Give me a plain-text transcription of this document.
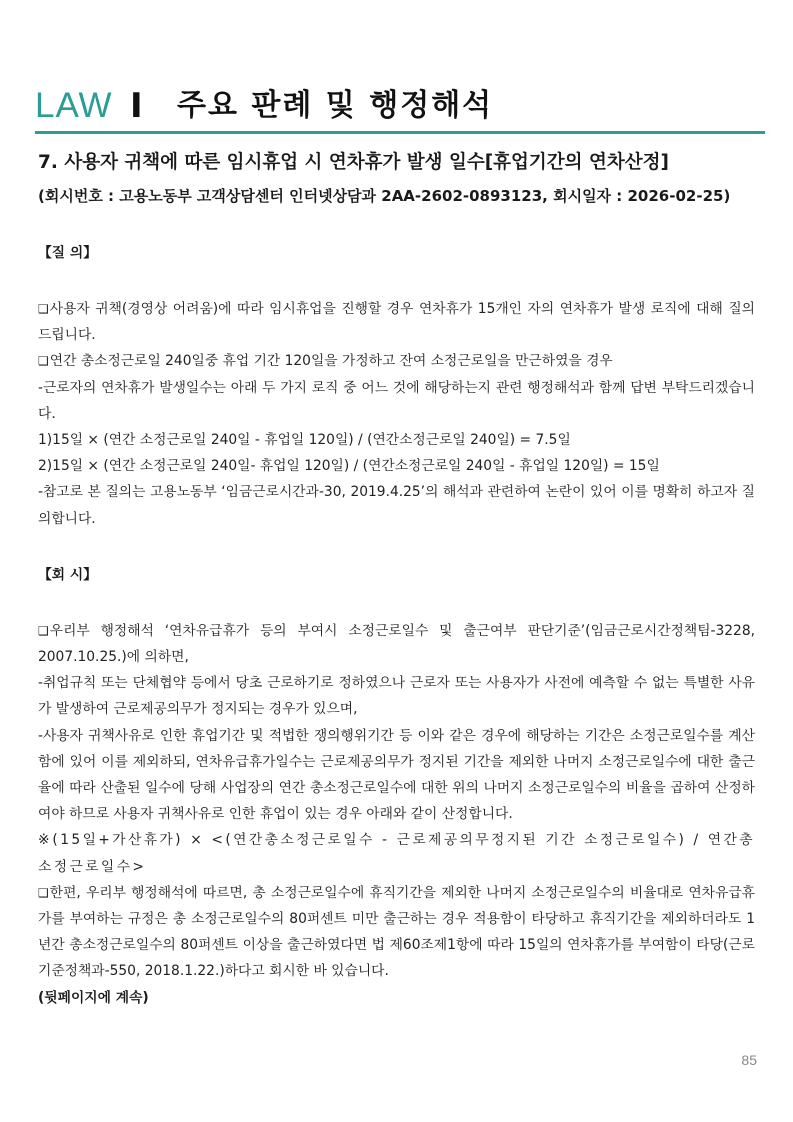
LAW I 주요 판례 및 행정해석
7. 사용자 귀책에 따른 임시휴업 시 연차휴가 발생 일수[휴업기간의 연차산정]
(회시번호 : 고용노동부 고객상담센터 인터넷상담과 2AA-2602-0893123, 회시일자 : 2026-02-25)
【질 의】

❑사용자 귀책(경영상 어려움)에 따라 임시휴업을 진행할 경우 연차휴가 15개인 자의 연차휴가 발생 로직에 대해 질의 드립니다.

❑연간 총소정근로일 240일중 휴업 기간 120일을 가정하고 잔여 소정근로일을 만근하였을 경우

-근로자의 연차휴가 발생일수는 아래 두 가지 로직 중 어느 것에 해당하는지 관련 행정해석과 함께 답변 부탁드리겠습니다.

1)15일 × (연간 소정근로일 240일 - 휴업일 120일) / (연간소정근로일 240일) = 7.5일

2)15일 × (연간 소정근로일 240일- 휴업일 120일) / (연간소정근로일 240일 - 휴업일 120일) = 15일

-참고로 본 질의는 고용노동부 ‘임금근로시간과-30, 2019.4.25’의 해석과 관련하여 논란이 있어 이를 명확히 하고자 질의합니다.

【회 시】

❑우리부 행정해석 ‘연차유급휴가 등의 부여시 소정근로일수 및 출근여부 판단기준’(임금근로시간정책팀-3228, 2007.10.25.)에 의하면,

-취업규칙 또는 단체협약 등에서 당초 근로하기로 정하였으나 근로자 또는 사용자가 사전에 예측할 수 없는 특별한 사유가 발생하여 근로제공의무가 정지되는 경우가 있으며,

-사용자 귀책사유로 인한 휴업기간 및 적법한 쟁의행위기간 등 이와 같은 경우에 해당하는 기간은 소정근로일수를 계산함에 있어 이를 제외하되, 연차유급휴가일수는 근로제공의무가 정지된 기간을 제외한 나머지 소정근로일수에 대한 출근율에 따라 산출된 일수에 당해 사업장의 연간 총소정근로일수에 대한 위의 나머지 소정근로일수의 비율을 곱하여 산정하여야 하므로 사용자 귀책사유로 인한 휴업이 있는 경우 아래와 같이 산정합니다.

※(15일+가산휴가) × <(연간총소정근로일수 - 근로제공의무정지된 기간 소정근로일수) / 연간총소정근로일수>

❑한편, 우리부 행정해석에 따르면, 총 소정근로일수에 휴직기간을 제외한 나머지 소정근로일수의 비율대로 연차유급휴가를 부여하는 규정은 총 소정근로일수의 80퍼센트 미만 출근하는 경우 적용함이 타당하고 휴직기간을 제외하더라도 1년간 총소정근로일수의 80퍼센트 이상을 출근하였다면 법 제60조제1항에 따라 15일의 연차휴가를 부여함이 타당(근로기준정책과-550, 2018.1.22.)하다고 회시한 바 있습니다.

(뒷페이지에 계속)
85
